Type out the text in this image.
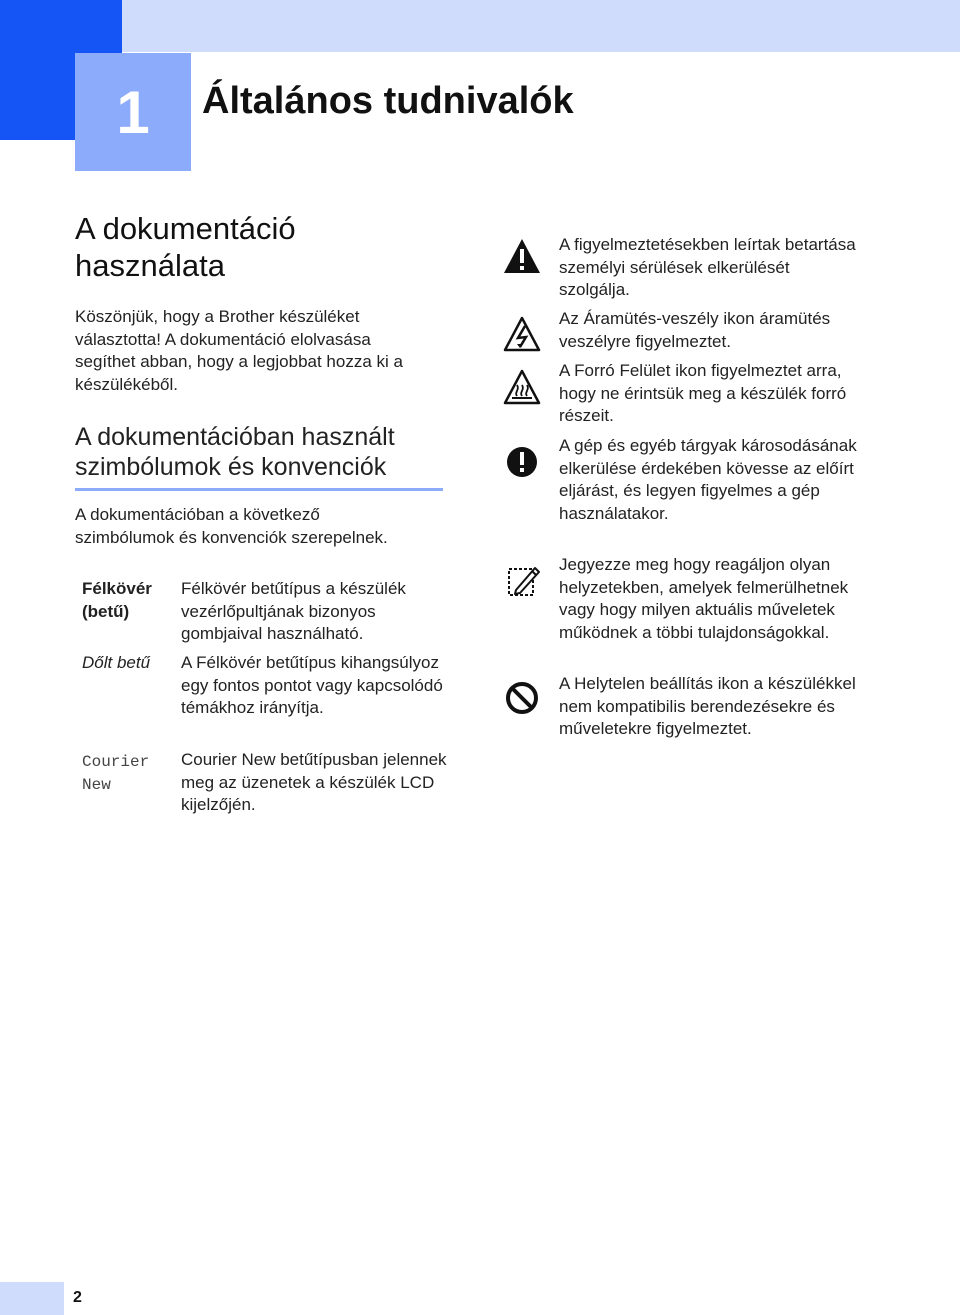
1 Általános tudnivalók
A dokumentáció használata
Köszönjük, hogy a Brother készüléket választotta! A dokumentáció elolvasása segíthet abban, hogy a legjobbat hozza ki a készülékéből.
A dokumentációban használt szimbólumok és konvenciók
A dokumentációban a következő szimbólumok és konvenciók szerepelnek.
Félkövér (betű)
Félkövér betűtípus a készülék vezérlőpultjának bizonyos gombjaival használható.
Dőlt betű	A Félkövér betűtípus kihangsúlyoz egy fontos pontot vagy kapcsolódó témákhoz irányítja.
Courier New
Courier New betűtípusban jelennek meg az üzenetek a készülék LCD kijelzőjén.
A figyelmeztetésekben leírtak betartása személyi sérülések elkerülését szolgálja.
Az Áramütés-veszély ikon áramütés veszélyre figyelmeztet.
A Forró Felület ikon figyelmeztet arra, hogy ne érintsük meg a készülék forró részeit.
A gép és egyéb tárgyak károsodásának elkerülése érdekében kövesse az előírt eljárást, és legyen figyelmes a gép használatakor.
Jegyezze meg hogy reagáljon olyan helyzetekben, amelyek felmerülhetnek vagy hogy milyen aktuális műveletek működnek a többi tulajdonságokkal.
A Helytelen beállítás ikon a készülékkel nem kompatibilis berendezésekre és műveletekre figyelmeztet.
2
